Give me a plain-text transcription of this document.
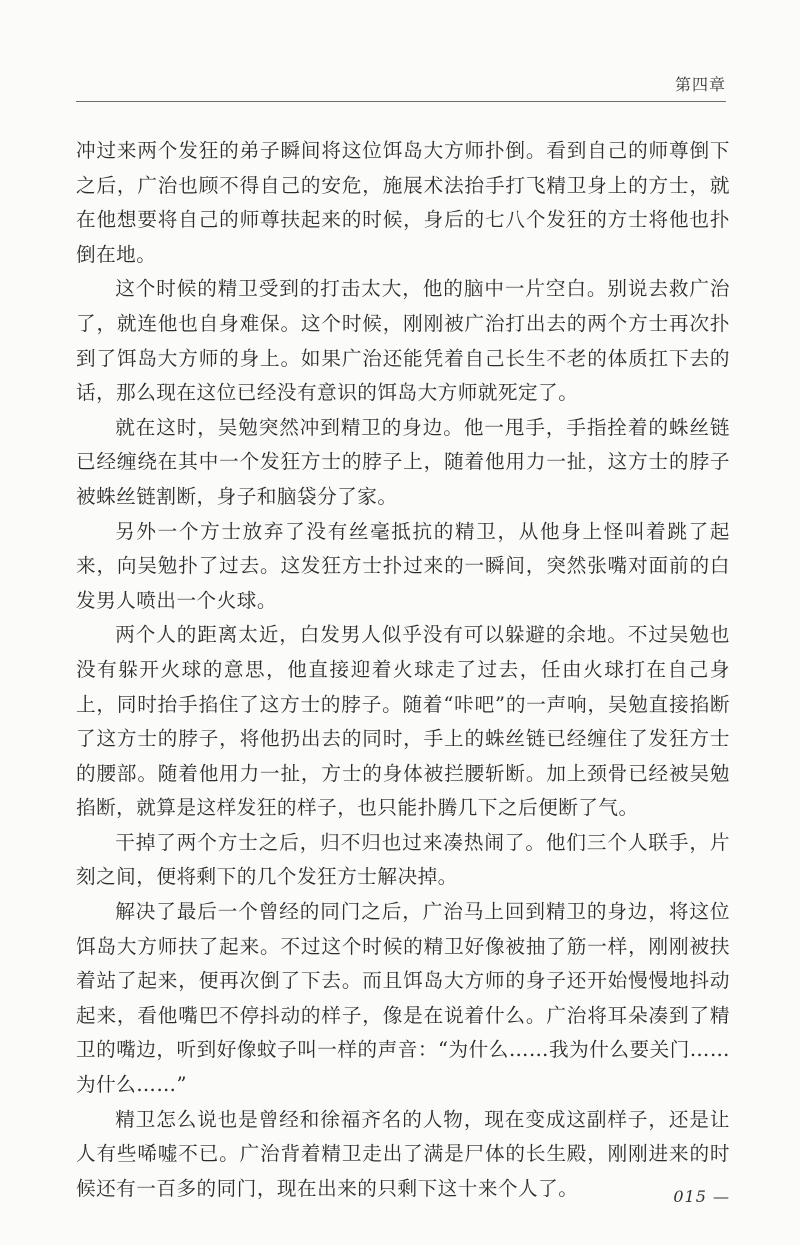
第四章

冲过来两个发狂的弟子瞬间将这位饵岛大方师扑倒。看到自己的师尊倒下之后，广治也顾不得自己的安危，施展术法抬手打飞精卫身上的方士，就在他想要将自己的师尊扶起来的时候，身后的七八个发狂的方士将他也扑倒在地。

这个时候的精卫受到的打击太大，他的脑中一片空白。别说去救广治了，就连他也自身难保。这个时候，刚刚被广治打出去的两个方士再次扑到了饵岛大方师的身上。如果广治还能凭着自己长生不老的体质扛下去的话，那么现在这位已经没有意识的饵岛大方师就死定了。

就在这时，吴勉突然冲到精卫的身边。他一甩手，手指拴着的蛛丝链已经缠绕在其中一个发狂方士的脖子上，随着他用力一扯，这方士的脖子被蛛丝链割断，身子和脑袋分了家。

另外一个方士放弃了没有丝毫抵抗的精卫，从他身上怪叫着跳了起来，向吴勉扑了过去。这发狂方士扑过来的一瞬间，突然张嘴对面前的白发男人喷出一个火球。

两个人的距离太近，白发男人似乎没有可以躲避的余地。不过吴勉也没有躲开火球的意思，他直接迎着火球走了过去，任由火球打在自己身上，同时抬手掐住了这方士的脖子。随着“咔吧”的一声响，吴勉直接掐断了这方士的脖子，将他扔出去的同时，手上的蛛丝链已经缠住了发狂方士的腰部。随着他用力一扯，方士的身体被拦腰斩断。加上颈骨已经被吴勉掐断，就算是这样发狂的样子，也只能扑腾几下之后便断了气。

干掉了两个方士之后，归不归也过来凑热闹了。他们三个人联手，片刻之间，便将剩下的几个发狂方士解决掉。

解决了最后一个曾经的同门之后，广治马上回到精卫的身边，将这位饵岛大方师扶了起来。不过这个时候的精卫好像被抽了筋一样，刚刚被扶着站了起来，便再次倒了下去。而且饵岛大方师的身子还开始慢慢地抖动起来，看他嘴巴不停抖动的样子，像是在说着什么。广治将耳朵凑到了精卫的嘴边，听到好像蚊子叫一样的声音：“为什么……我为什么要关门……为什么……”

精卫怎么说也是曾经和徐福齐名的人物，现在变成这副样子，还是让人有些唏嘘不已。广治背着精卫走出了满是尸体的长生殿，刚刚进来的时候还有一百多的同门，现在出来的只剩下这十来个人了。	015 —
